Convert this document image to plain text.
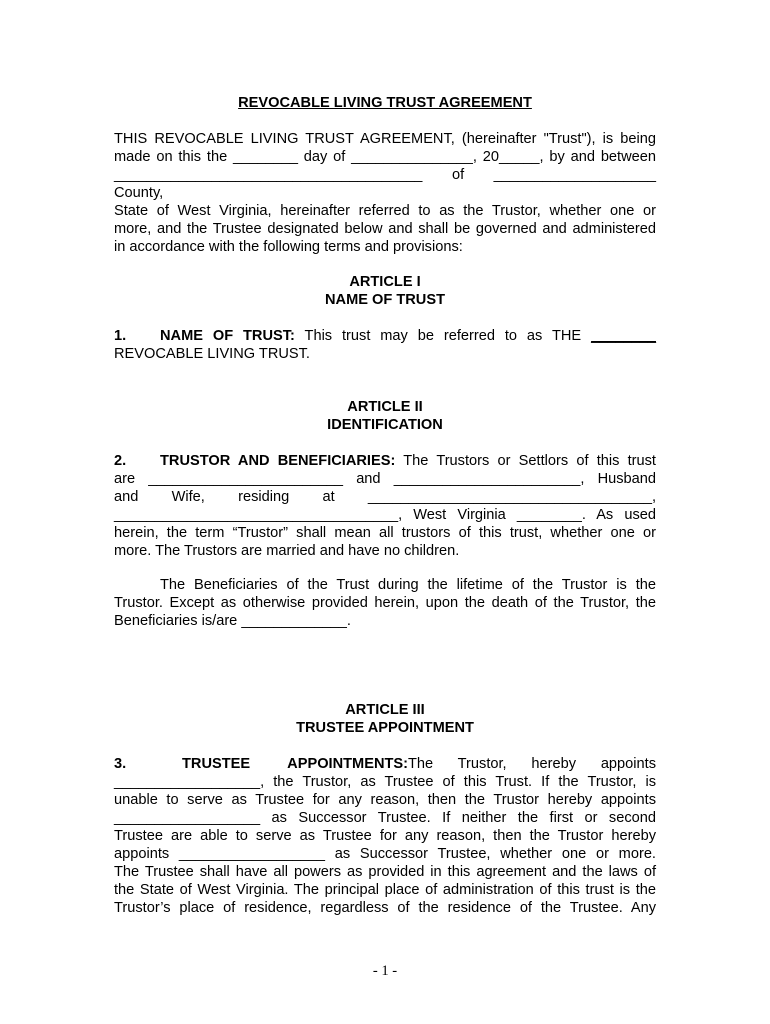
REVOCABLE LIVING TRUST AGREEMENT

THIS REVOCABLE LIVING TRUST AGREEMENT, (hereinafter "Trust"), is being

made on this the ________ day of _______________, 20_____, by and between

______________________________________ of ____________________ County,

State of West Virginia, hereinafter referred to as the Trustor, whether one or

more, and the Trustee designated below and shall be governed and administered

in accordance with the following terms and provisions:

ARTICLE I
NAME OF TRUST

1. NAME OF TRUST: This trust may be referred to as THE ________

REVOCABLE LIVING TRUST.

ARTICLE II
IDENTIFICATION

2. TRUSTOR AND BENEFICIARIES: The Trustors or Settlors of this trust

are ________________________ and _______________________, Husband

and Wife, residing at ___________________________________,

___________________________________, West Virginia ________. As used

herein, the term “Trustor” shall mean all trustors of this trust, whether one or

more. The Trustors are married and have no children.

The Beneficiaries of the Trust during the lifetime of the Trustor is the

Trustor. Except as otherwise provided herein, upon the death of the Trustor, the

Beneficiaries is/are _____________.

ARTICLE III
TRUSTEE APPOINTMENT

3.	TRUSTEE APPOINTMENTS:The Trustor, hereby appoints

__________________, the Trustor, as Trustee of this Trust. If the Trustor, is

unable to serve as Trustee for any reason, then the Trustor hereby appoints

__________________ as Successor Trustee. If neither the first or second

Trustee are able to serve as Trustee for any reason, then the Trustor hereby

appoints __________________ as Successor Trustee, whether one or more.

The Trustee shall have all powers as provided in this agreement and the laws of

the State of West Virginia. The principal place of administration of this trust is the

Trustor’s place of residence, regardless of the residence of the Trustee. Any

- 1 -
